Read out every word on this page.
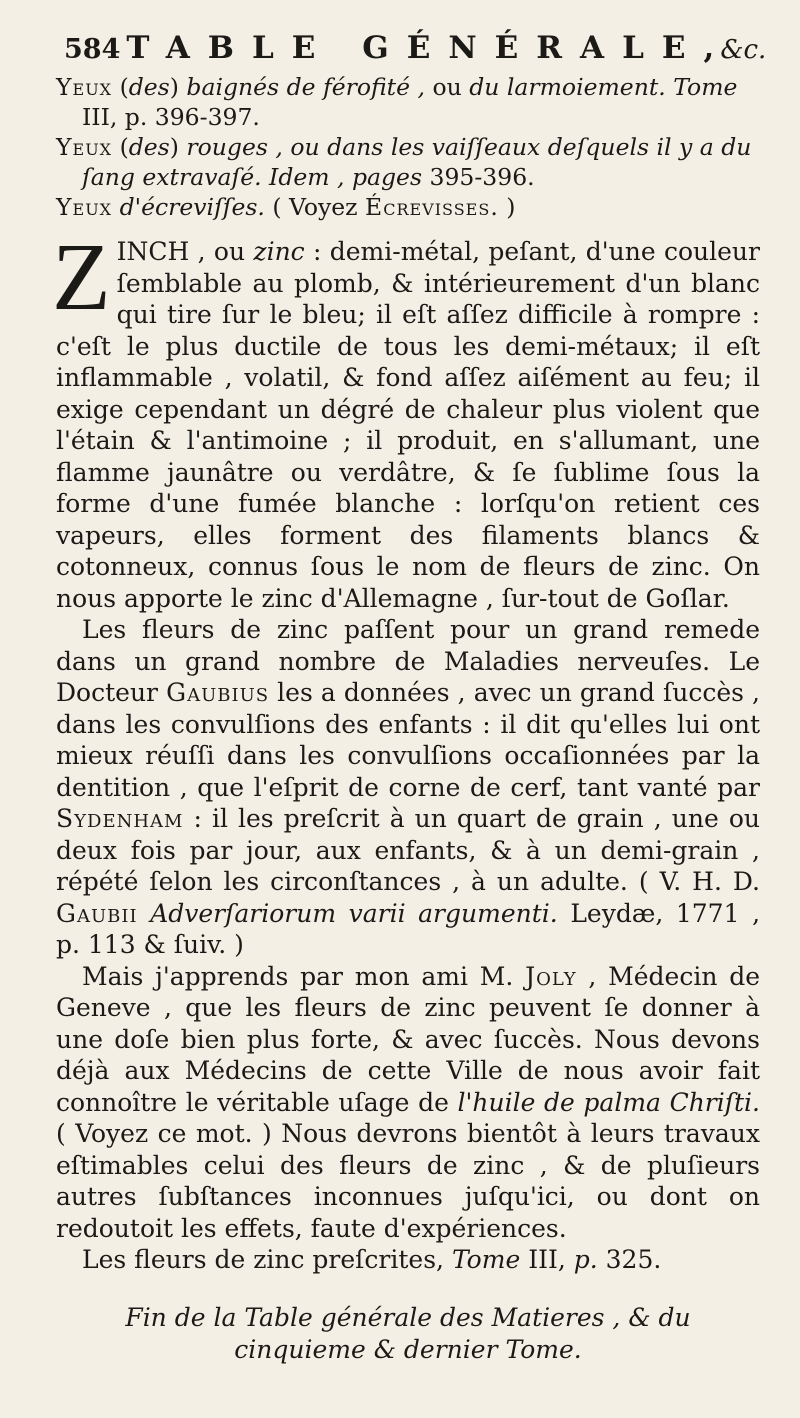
584 TABLE GÉNÉRALE,
&c.
Yeux (des) baignés de férofité , ou du larmoiement. Tome III, p. 396-397.
Yeux (des) rouges , ou dans les vaiſſeaux deſquels il y a du ſang extravaſé. Idem , pages 395-396.
Yeux d'écreviſſes. ( Voyez Écrevisses. )

Z INCH , ou zinc : demi-métal, peſant, d'une couleur ſemblable au plomb, & intérieurement d'un blanc qui tire ſur le bleu; il eſt aſſez difficile à rompre : c'eſt le plus ductile de tous les demi-métaux; il eſt inflammable , volatil, & fond aſſez aiſément au feu; il exige cependant un dégré de chaleur plus violent que l'étain & l'antimoine ; il produit, en s'allumant, une flamme jaunâtre ou verdâtre, & ſe ſublime ſous la forme d'une fumée blanche : lorſqu'on retient ces vapeurs, elles forment des filaments blancs & cotonneux, connus ſous le nom de fleurs de zinc. On nous apporte le zinc d'Allemagne , ſur-tout de Goſlar.

Les fleurs de zinc paſſent pour un grand remede dans un grand nombre de Maladies nerveuſes. Le Docteur Gaubius les a données , avec un grand ſuccès , dans les convulſions des enfants : il dit qu'elles lui ont mieux réuſſi dans les convulſions occaſionnées par la dentition , que l'eſprit de corne de cerf, tant vanté par Sydenham : il les preſcrit à un quart de grain , une ou deux fois par jour, aux enfants, & à un demi-grain , répété ſelon les circonſtances , à un adulte. ( V. H. D. Gaubii Adverſariorum varii argumenti. Leydæ, 1771 , p. 113 & ſuiv. )

Mais j'apprends par mon ami M. Joly , Médecin de Geneve , que les fleurs de zinc peuvent ſe donner à une doſe bien plus forte, & avec ſuccès. Nous devons déjà aux Médecins de cette Ville de nous avoir fait connoître le véritable uſage de l'huile de palma Chriſti. ( Voyez ce mot. ) Nous devrons bientôt à leurs travaux eſtimables celui des fleurs de zinc , & de pluſieurs autres ſubſtances inconnues juſqu'ici, ou dont on redoutoit les effets, faute d'expériences.

Les fleurs de zinc preſcrites, Tome III, p. 325.

Fin de la Table générale des Matieres , & du cinquieme & dernier Tome.
